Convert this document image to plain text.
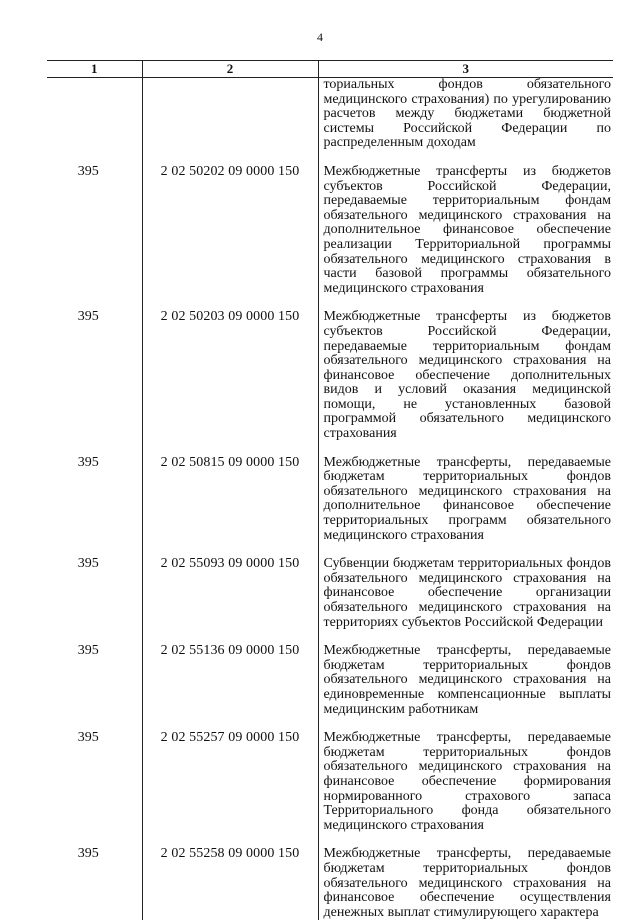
4
1	2	3
		ториальных фондов обязательного медицинского страхования) по урегулированию расчетов между бюджетами бюджетной системы Российской Федерации по распределенным доходам
395	2 02 50202 09 0000 150	Межбюджетные трансферты из бюджетов субъектов Российской Федерации, передаваемые территориальным фондам обязательного медицинского страхования на дополнительное финансовое обеспечение реализации Территориальной программы обязательного медицинского страхования в части базовой программы обязательного медицинского страхования
395	2 02 50203 09 0000 150	Межбюджетные трансферты из бюджетов субъектов Российской Федерации, передаваемые территориальным фондам обязательного медицинского страхования на финансовое обеспечение дополнительных видов и условий оказания медицинской помощи, не установленных базовой программой обязательного медицинского страхования
395	2 02 50815 09 0000 150	Межбюджетные трансферты, передаваемые бюджетам территориальных фондов обязательного медицинского страхования на дополнительное финансовое обеспечение территориальных программ обязательного медицинского страхования
395	2 02 55093 09 0000 150	Субвенции бюджетам территориальных фондов обязательного медицинского страхования на финансовое обеспечение организации обязательного медицинского страхования на территориях субъектов Российской Федерации
395	2 02 55136 09 0000 150	Межбюджетные трансферты, передаваемые бюджетам территориальных фондов обязательного медицинского страхования на единовременные компенсационные выплаты медицинским работникам
395	2 02 55257 09 0000 150	Межбюджетные трансферты, передаваемые бюджетам территориальных фондов обязательного медицинского страхования на финансовое обеспечение формирования нормированного страхового запаса Территориального фонда обязательного медицинского страхования
395	2 02 55258 09 0000 150	Межбюджетные трансферты, передаваемые бюджетам территориальных фондов обязательного медицинского страхования на финансовое обеспечение осуществления денежных выплат стимулирующего характера
